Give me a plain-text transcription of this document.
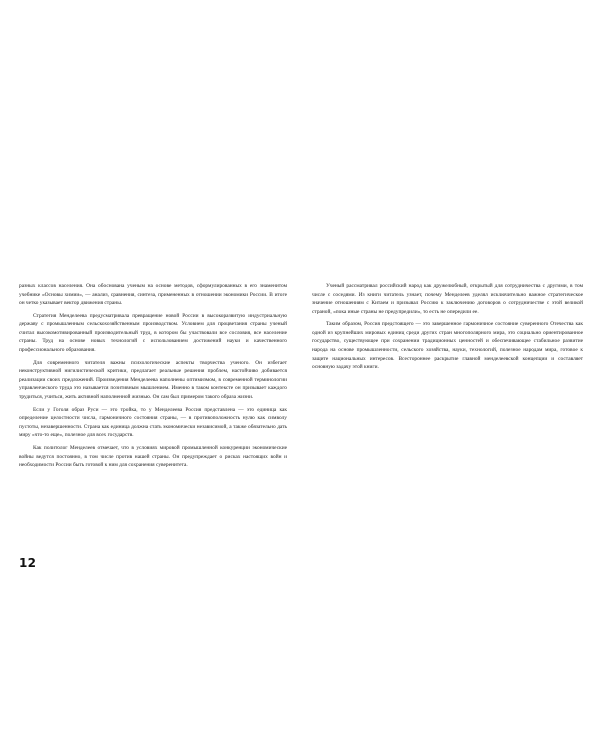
разных классов населения. Она обоснована ученым на основе методов, сформулированных в его знаменитом учебнике «Основы химии», — анализ, сравнения, синтеза, примененных в отношении экономики России. В итоге он четко указывает вектор движения страны.

Стратегия Менделеева предусматривала превращение новой России в высокоразвитую индустриальную державу с промышленным сельскохозяйственным производством. Условием для процветания страны ученый считал высокомотивированный производительный труд, в котором бы участвовали все сословия, все население страны. Труд на основе новых технологий с использованием достижений науки и качественного профессионального образования.

Для современного читателя важны психологические аспекты творчества ученого. Он избегает неконструктивной нигилистической критики, предлагает реальные решения проблем, настойчиво добивается реализации своих предложений. Произведения Менделеева наполнены оптимизмом, в современной терминологии управленческого труда это называется позитивным мышлением. Именно в таком контексте он призывает каждого трудиться, учиться, жить активной наполненной жизнью. Он сам был примером такого образа жизни.

Если у Гоголя образ Руси — это тройка, то у Менделеева Россия представлена — это единица как определение целостности числа, гармоничного состояния страны, — в противоположность нулю как символу пустоты, незавершенности. Страна как единица должна стать экономически независимой, а также обязательно дать миру «что-то еще», полезное для всех государств.

Как политолог Менделеев отмечает, что в условиях мировой промышленной конкуренции экономические войны ведутся постоянно, в том числе против нашей страны. Он предупреждает о рисках настоящих войн и необходимости России быть готовой к ним для сохранения суверенитета.

Ученый рассматривал российский народ как дружелюбный, открытый для сотрудничества с другими, в том числе с соседями. Из книги читатель узнает, почему Менделеев уделял исключительно важное стратегическое значение отношениям с Китаем и призывал Россию к заключению договоров о сотрудничестве с этой великой страной, «пока иные страны не предупредили», то есть не опередили ее.

Таким образом, Россия предстоящего — это завершенное гармоничное состояние суверенного Отечества как одной из крупнейших мировых единиц среди других стран многополярного мира, это социально ориентированное государство, существующее при сохранении традиционных ценностей и обеспечивающее стабильное развитие народа на основе промышленности, сельского хозяйства, науки, технологий, полезное народам мира, готовое к защите национальных интересов. Всестороннее раскрытие главной менделеевской концепции и составляет основную задачу этой книги.

12
